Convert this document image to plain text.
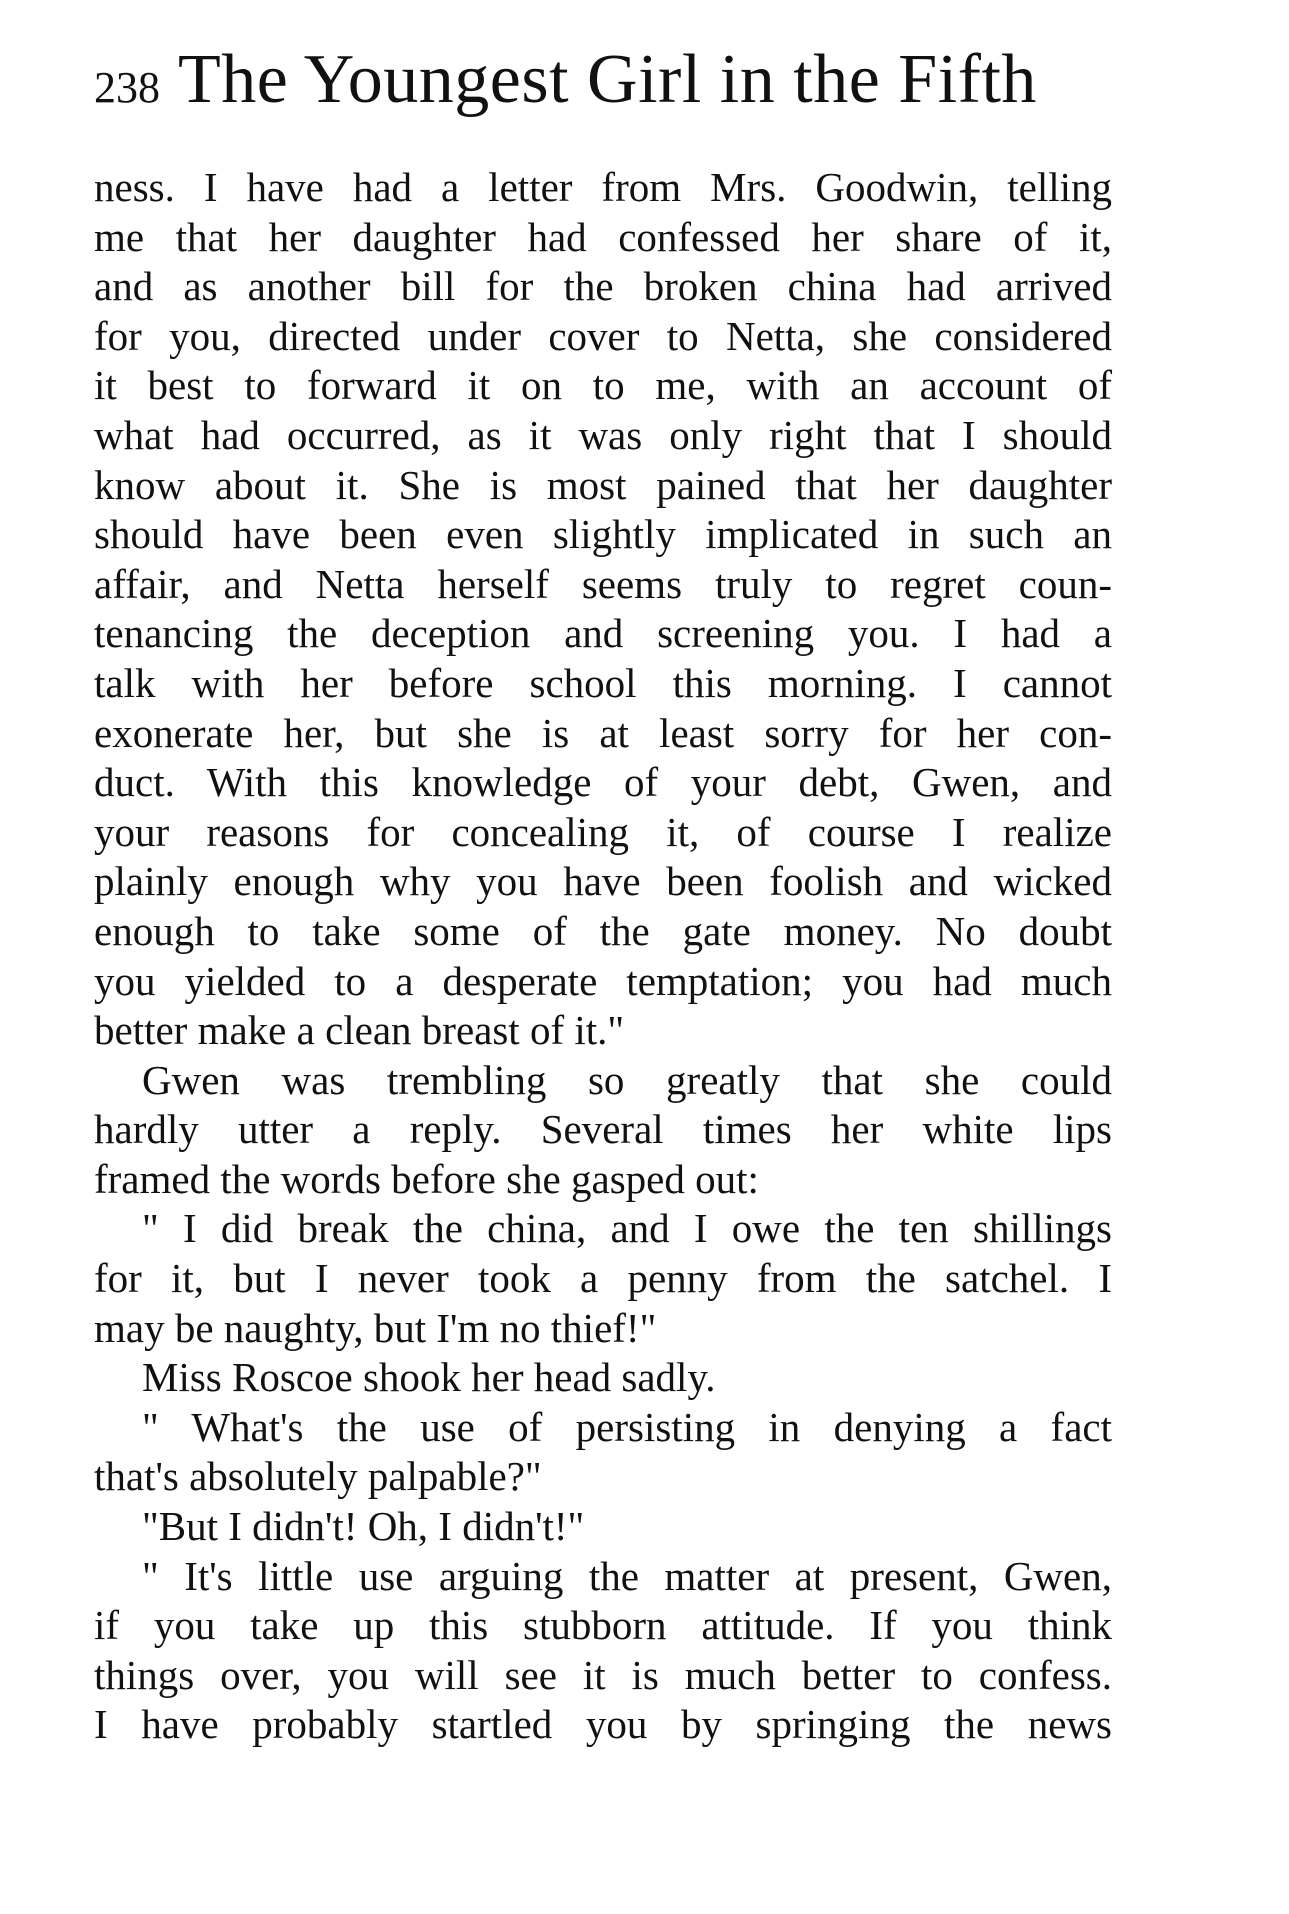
238 The Youngest Girl in the Fifth
ness. I have had a letter from Mrs. Goodwin, telling
me that her daughter had confessed her share of it,
and as another bill for the broken china had arrived
for you, directed under cover to Netta, she considered
it best to forward it on to me, with an account of
what had occurred, as it was only right that I should
know about it. She is most pained that her daughter
should have been even slightly implicated in such an
affair, and Netta herself seems truly to regret coun-
tenancing the deception and screening you. I had a
talk with her before school this morning. I cannot
exonerate her, but she is at least sorry for her con-
duct. With this knowledge of your debt, Gwen, and
your reasons for concealing it, of course I realize
plainly enough why you have been foolish and wicked
enough to take some of the gate money. No doubt
you yielded to a desperate temptation; you had much
better make a clean breast of it."
Gwen was trembling so greatly that she could
hardly utter a reply. Several times her white lips
framed the words before she gasped out:
" I did break the china, and I owe the ten shillings
for it, but I never took a penny from the satchel. I
may be naughty, but I'm no thief!"
Miss Roscoe shook her head sadly.
" What's the use of persisting in denying a fact
that's absolutely palpable?"
"But I didn't! Oh, I didn't!"
" It's little use arguing the matter at present, Gwen,
if you take up this stubborn attitude. If you think
things over, you will see it is much better to confess.
I have probably startled you by springing the news
